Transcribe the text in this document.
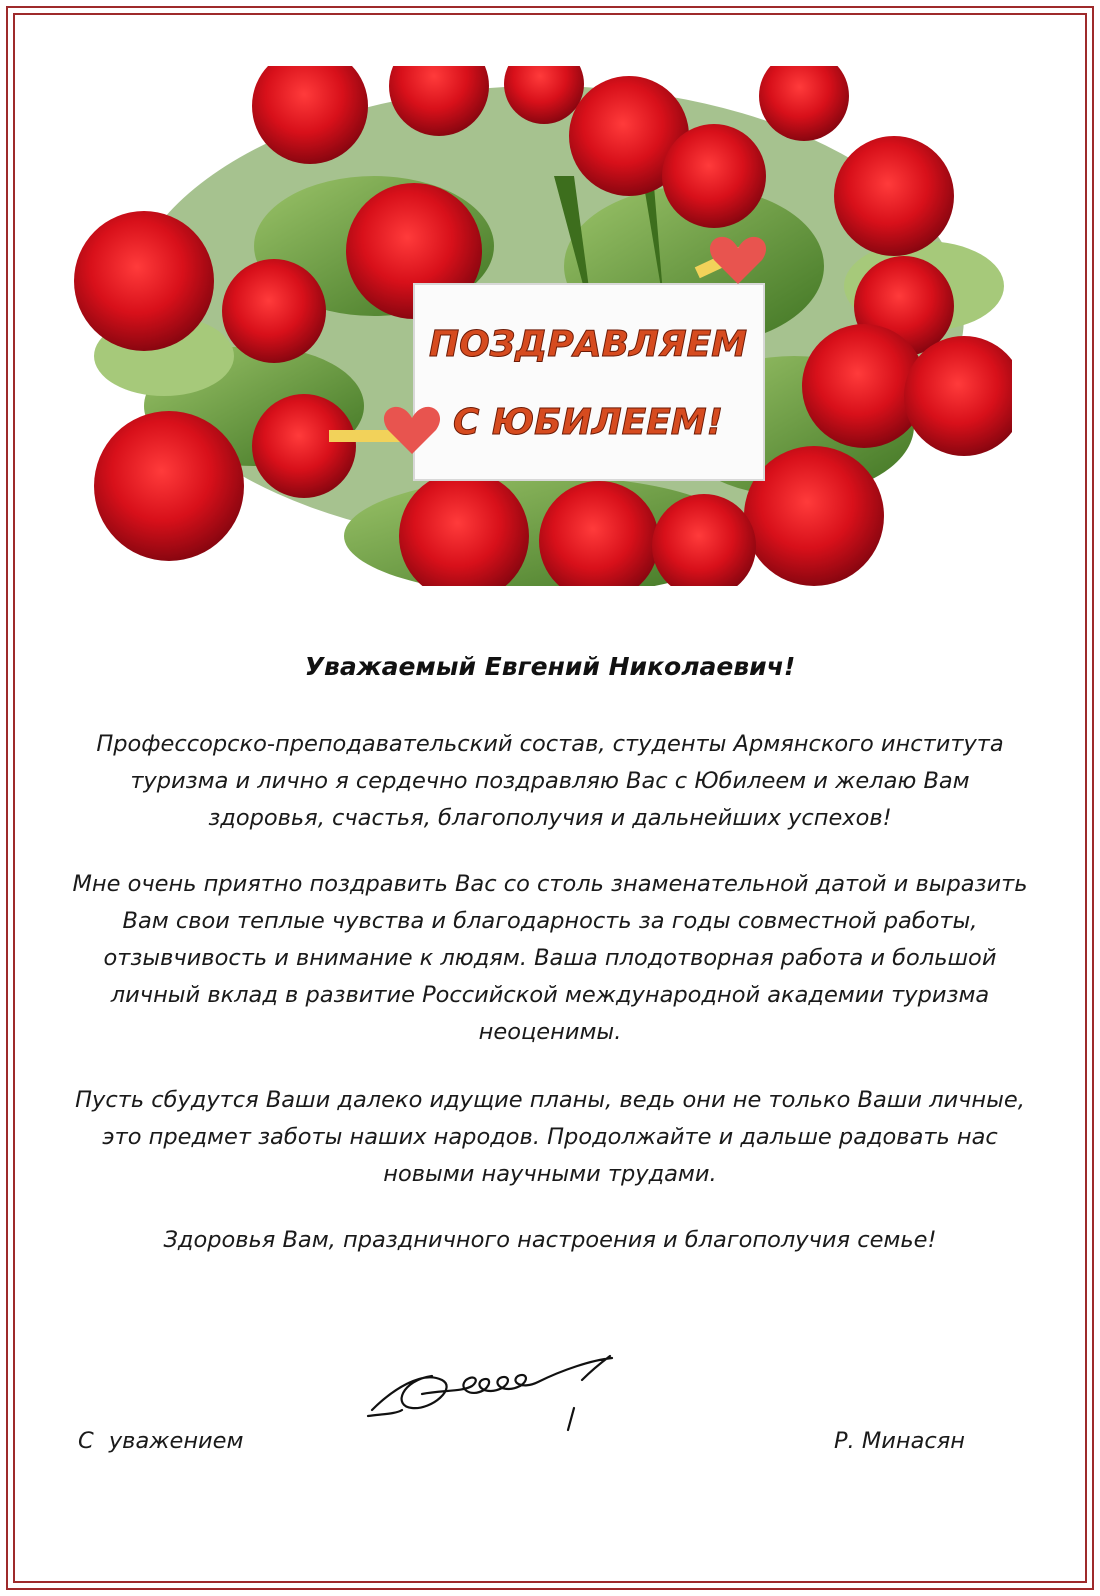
ПОЗДРАВЛЯЕМ
С ЮБИЛЕЕМ!

Уважаемый Евгений Николаевич!

Профессорско-преподавательский состав, студенты Армянского института туризма и лично я сердечно поздравляю Вас с Юбилеем и желаю Вам здоровья, счастья, благополучия и дальнейших успехов!

Мне очень приятно поздравить Вас со столь знаменательной датой и выразить Вам свои теплые чувства и благодарность за годы совместной работы, отзывчивость и внимание к людям. Ваша плодотворная работа и большой личный вклад в развитие Российской международной академии туризма неоценимы.

Пусть сбудутся Ваши далеко идущие планы, ведь они не только Ваши личные, это предмет заботы наших народов. Продолжайте и дальше радовать нас новыми научными трудами.

Здоровья Вам, праздничного настроения и благополучия семье!

С уважением	Р. Минасян
